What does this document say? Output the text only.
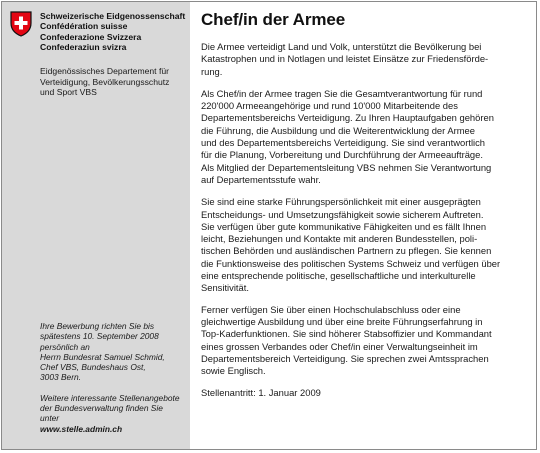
Schweizerische Eidgenossenschaft
Confédération suisse
Confederazione Svizzera
Confederaziun svizra
Eidgenössisches Departement für
Verteidigung, Bevölkerungsschutz
und Sport VBS

Ihre Bewerbung richten Sie bis
spätestens 10. September 2008
persönlich an
Herrn Bundesrat Samuel Schmid,
Chef VBS, Bundeshaus Ost,
3003 Bern.

Weitere interessante Stellenangebote
der Bundesverwaltung finden Sie
unter
www.stelle.admin.ch

Chef/in der Armee

Die Armee verteidigt Land und Volk, unterstützt die Bevölkerung bei
Katastrophen und in Notlagen und leistet Einsätze zur Friedensförde-
rung.

Als Chef/in der Armee tragen Sie die Gesamtverantwortung für rund
220'000 Armeeangehörige und rund 10'000 Mitarbeitende des
Departementsbereichs Verteidigung. Zu Ihren Hauptaufgaben gehören
die Führung, die Ausbildung und die Weiterentwicklung der Armee
und des Departementsbereichs Verteidigung. Sie sind verantwortlich
für die Planung, Vorbereitung und Durchführung der Armeeaufträge.
Als Mitglied der Departementsleitung VBS nehmen Sie Verantwortung
auf Departementsstufe wahr.

Sie sind eine starke Führungspersönlichkeit mit einer ausgeprägten
Entscheidungs- und Umsetzungsfähigkeit sowie sicherem Auftreten.
Sie verfügen über gute kommunikative Fähigkeiten und es fällt Ihnen
leicht, Beziehungen und Kontakte mit anderen Bundesstellen, poli-
tischen Behörden und ausländischen Partnern zu pflegen. Sie kennen
die Funktionsweise des politischen Systems Schweiz und verfügen über
eine entsprechende politische, gesellschaftliche und interkulturelle
Sensitivität.

Ferner verfügen Sie über einen Hochschulabschluss oder eine
gleichwertige Ausbildung und über eine breite Führungserfahrung in
Top-Kaderfunktionen. Sie sind höherer Stabsoffizier und Kommandant
eines grossen Verbandes oder Chef/in einer Verwaltungseinheit im
Departementsbereich Verteidigung. Sie sprechen zwei Amtssprachen
sowie Englisch.

Stellenantritt: 1. Januar 2009
